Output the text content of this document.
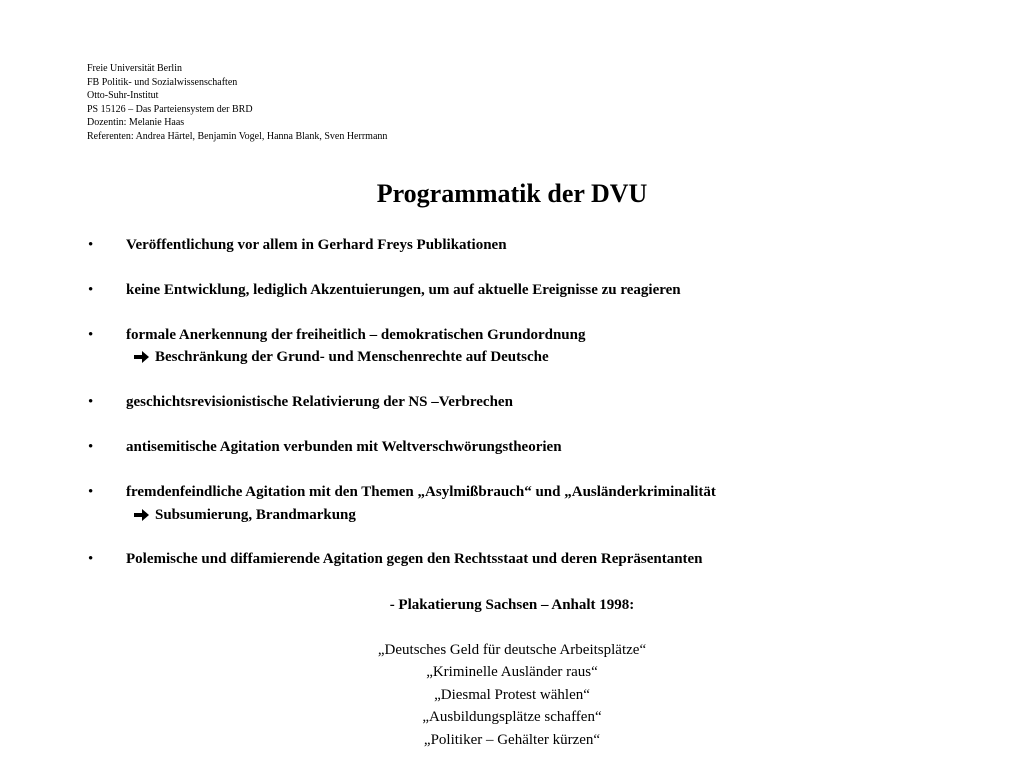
Freie Universität Berlin
FB Politik- und Sozialwissenschaften
Otto-Suhr-Institut
PS 15126 – Das Parteiensystem der BRD
Dozentin: Melanie Haas
Referenten: Andrea Härtel, Benjamin Vogel, Hanna Blank, Sven Herrmann
Programmatik der DVU
• Veröffentlichung vor allem in Gerhard Freys Publikationen
• keine Entwicklung, lediglich Akzentuierungen, um auf aktuelle Ereignisse zu reagieren
• formale Anerkennung der freiheitlich – demokratischen Grundordnung
Beschränkung der Grund- und Menschenrechte auf Deutsche
• geschichtsrevisionistische Relativierung der NS –Verbrechen
• antisemitische Agitation verbunden mit Weltverschwörungstheorien
• fremdenfeindliche Agitation mit den Themen „Asylmißbrauch“ und „Ausländerkriminalität
Subsumierung, Brandmarkung
• Polemische und diffamierende Agitation gegen den Rechtsstaat und deren Repräsentanten
- Plakatierung Sachsen – Anhalt 1998:
„Deutsches Geld für deutsche Arbeitsplätze“
„Kriminelle Ausländer raus“
„Diesmal Protest wählen“
„Ausbildungsplätze schaffen“
„Politiker – Gehälter kürzen“
